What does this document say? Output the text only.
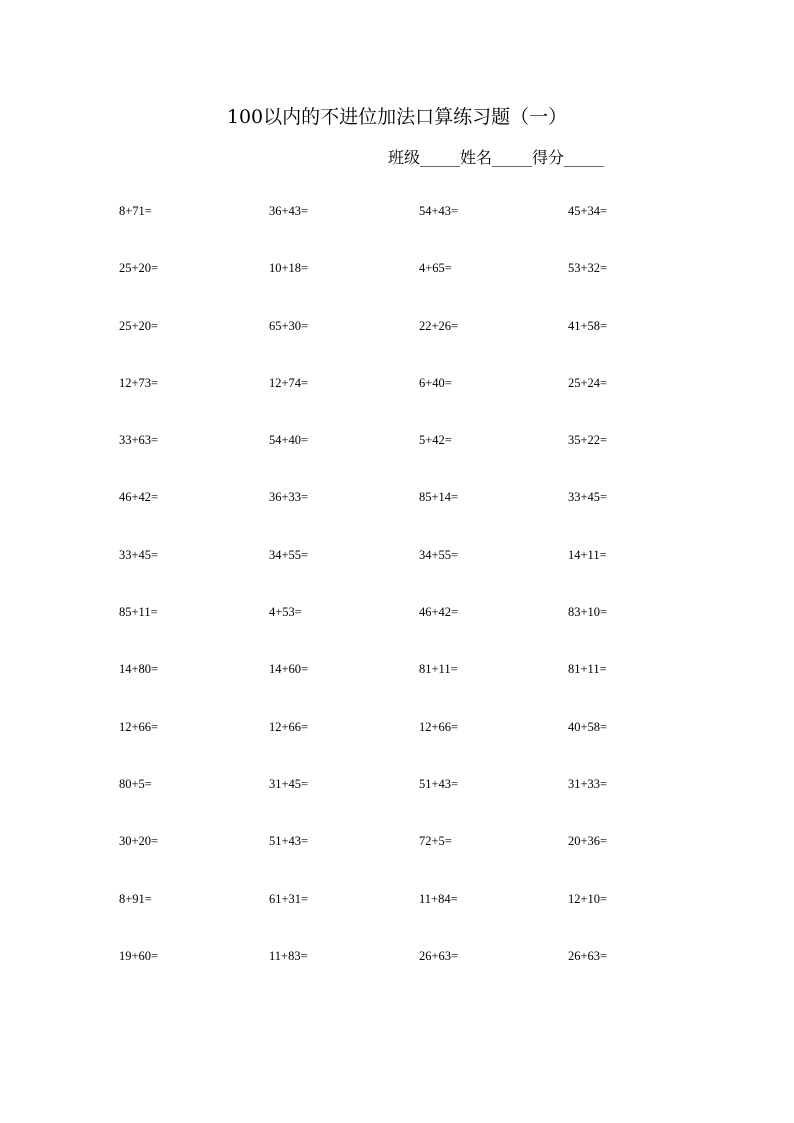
100以内的不进位加法口算练习题（一）
班级_____姓名_____得分_____
8+71=	36+43=	54+43=	45+34=
25+20=	10+18=	4+65=	53+32=
25+20=	65+30=	22+26=	41+58=
12+73=	12+74=	6+40=	25+24=
33+63=	54+40=	5+42=	35+22=
46+42=	36+33=	85+14=	33+45=
33+45=	34+55=	34+55=	14+11=
85+11=	4+53=	46+42=	83+10=
14+80=	14+60=	81+11=	81+11=
12+66=	12+66=	12+66=	40+58=
80+5=	31+45=	51+43=	31+33=
30+20=	51+43=	72+5=	20+36=
8+91=	61+31=	11+84=	12+10=
19+60=	11+83=	26+63=	26+63=
